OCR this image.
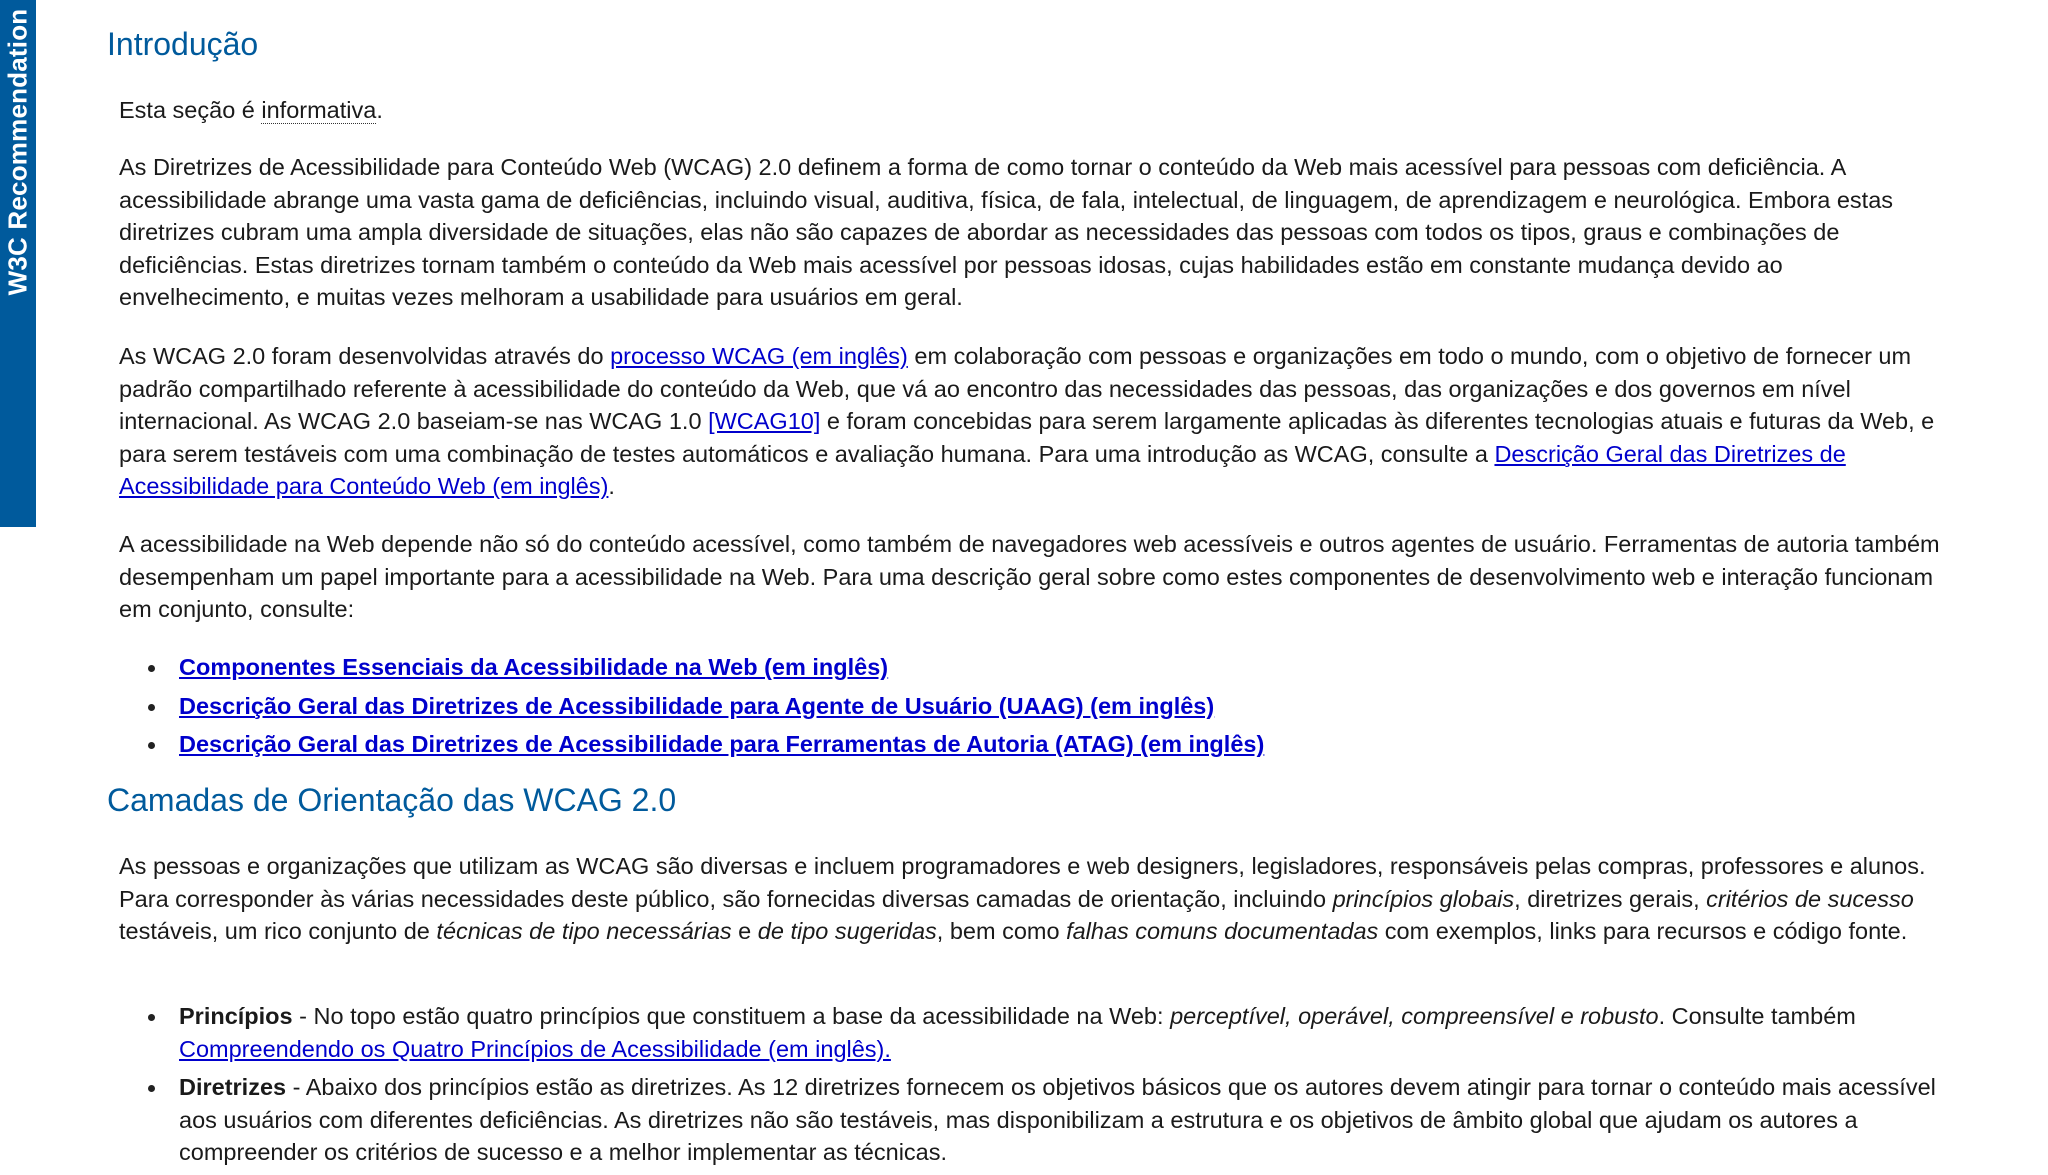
W3C Recommendation Introdução

Esta seção é informativa.

As Diretrizes de Acessibilidade para Conteúdo Web (WCAG) 2.0 definem a forma de como tornar o conteúdo da Web mais acessível para pessoas com deficiência. A acessibilidade abrange uma vasta gama de deficiências, incluindo visual, auditiva, física, de fala, intelectual, de linguagem, de aprendizagem e neurológica. Embora estas diretrizes cubram uma ampla diversidade de situações, elas não são capazes de abordar as necessidades das pessoas com todos os tipos, graus e combinações de deficiências. Estas diretrizes tornam também o conteúdo da Web mais acessível por pessoas idosas, cujas habilidades estão em constante mudança devido ao envelhecimento, e muitas vezes melhoram a usabilidade para usuários em geral.

As WCAG 2.0 foram desenvolvidas através do processo WCAG (em inglês) em colaboração com pessoas e organizações em todo o mundo, com o objetivo de fornecer um padrão compartilhado referente à acessibilidade do conteúdo da Web, que vá ao encontro das necessidades das pessoas, das organizações e dos governos em nível internacional. As WCAG 2.0 baseiam-se nas WCAG 1.0 [WCAG10] e foram concebidas para serem largamente aplicadas às diferentes tecnologias atuais e futuras da Web, e para serem testáveis com uma combinação de testes automáticos e avaliação humana. Para uma introdução as WCAG, consulte a Descrição Geral das Diretrizes de Acessibilidade para Conteúdo Web (em inglês).

A acessibilidade na Web depende não só do conteúdo acessível, como também de navegadores web acessíveis e outros agentes de usuário. Ferramentas de autoria também desempenham um papel importante para a acessibilidade na Web. Para uma descrição geral sobre como estes componentes de desenvolvimento web e interação funcionam em conjunto, consulte:

Componentes Essenciais da Acessibilidade na Web (em inglês)
Descrição Geral das Diretrizes de Acessibilidade para Agente de Usuário (UAAG) (em inglês)
Descrição Geral das Diretrizes de Acessibilidade para Ferramentas de Autoria (ATAG) (em inglês)
Camadas de Orientação das WCAG 2.0

As pessoas e organizações que utilizam as WCAG são diversas e incluem programadores e web designers, legisladores, responsáveis pelas compras, professores e alunos. Para corresponder às várias necessidades deste público, são fornecidas diversas camadas de orientação, incluindo princípios globais, diretrizes gerais, critérios de sucesso testáveis, um rico conjunto de técnicas de tipo necessárias e de tipo sugeridas, bem como falhas comuns documentadas com exemplos, links para recursos e código fonte.

Princípios - No topo estão quatro princípios que constituem a base da acessibilidade na Web: perceptível, operável, compreensível e robusto. Consulte também Compreendendo os Quatro Princípios de Acessibilidade (em inglês).
Diretrizes - Abaixo dos princípios estão as diretrizes. As 12 diretrizes fornecem os objetivos básicos que os autores devem atingir para tornar o conteúdo mais acessível aos usuários com diferentes deficiências. As diretrizes não são testáveis, mas disponibilizam a estrutura e os objetivos de âmbito global que ajudam os autores a compreender os critérios de sucesso e a melhor implementar as técnicas.
